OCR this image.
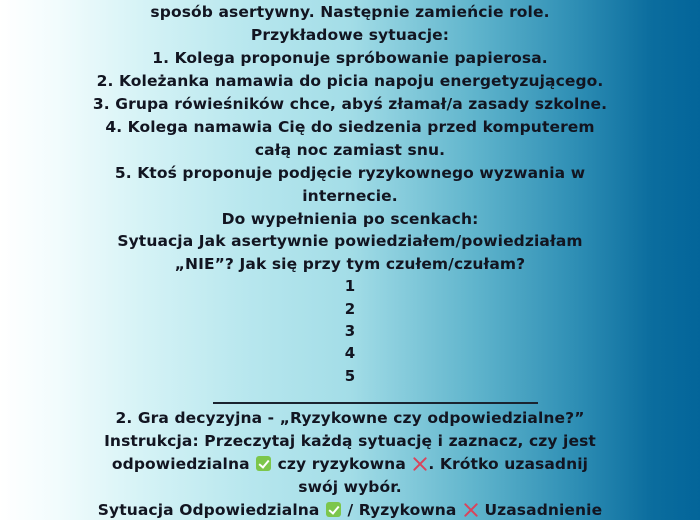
sposób asertywny. Następnie zamieńcie role.
Przykładowe sytuacje:
1. Kolega proponuje spróbowanie papierosa.
2. Koleżanka namawia do picia napoju energetyzującego.
3. Grupa rówieśników chce, abyś złamał/a zasady szkolne.
4. Kolega namawia Cię do siedzenia przed komputerem
całą noc zamiast snu.
5. Ktoś proponuje podjęcie ryzykownego wyzwania w
internecie.
Do wypełnienia po scenkach:
Sytuacja Jak asertywnie powiedziałem/powiedziałam
„NIE”? Jak się przy tym czułem/czułam?
1
2
3
4
5
2. Gra decyzyjna - „Ryzykowne czy odpowiedzialne?”
Instrukcja: Przeczytaj każdą sytuację i zaznacz, czy jest
odpowiedzialna czy ryzykowna . Krótko uzasadnij
swój wybór.
Sytuacja Odpowiedzialna / Ryzykowna Uzasadnienie
